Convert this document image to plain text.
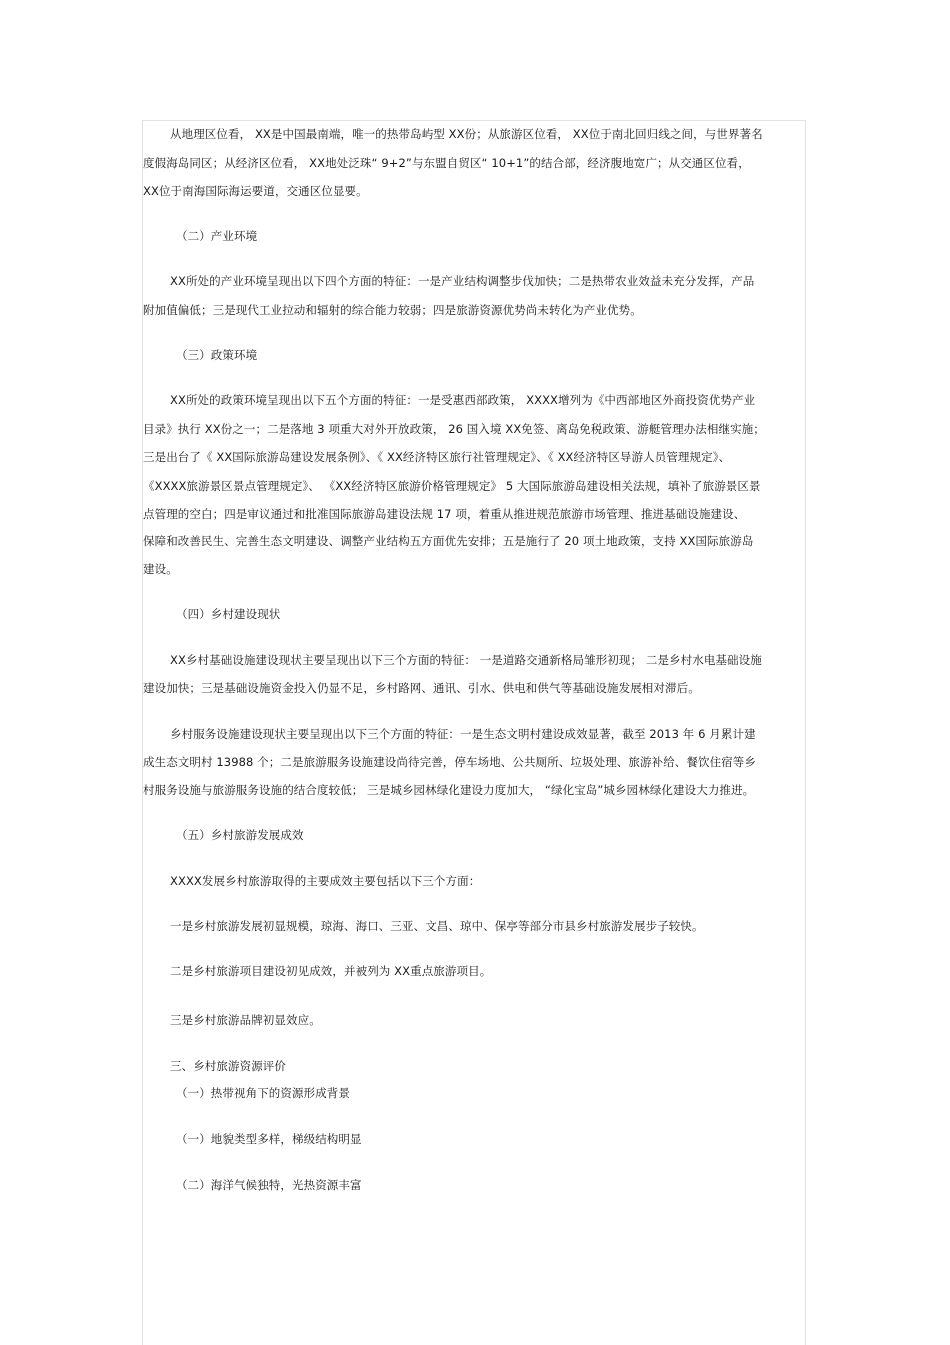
从地理区位看， XX是中国最南端，唯一的热带岛屿型 XX份；从旅游区位看， XX位于南北回归线之间，与世界著名
度假海岛同区；从经济区位看， XX地处泛珠“ 9+2”与东盟自贸区“ 10+1”的结合部，经济腹地宽广；从交通区位看，
XX位于南海国际海运要道，交通区位显要。
（二）产业环境
XX所处的产业环境呈现出以下四个方面的特征：一是产业结构调整步伐加快；二是热带农业效益未充分发挥，产品
附加值偏低；三是现代工业拉动和辐射的综合能力较弱；四是旅游资源优势尚未转化为产业优势。
（三）政策环境
XX所处的政策环境呈现出以下五个方面的特征：一是受惠西部政策， XXXX增列为《中西部地区外商投资优势产业
目录》执行 XX份之一；二是落地 3 项重大对外开放政策， 26 国入境 XX免签、离岛免税政策、游艇管理办法相继实施；
三是出台了《 XX国际旅游岛建设发展条例》、《 XX经济特区旅行社管理规定》、《 XX经济特区导游人员管理规定》、
《XXXX旅游景区景点管理规定》、 《XX经济特区旅游价格管理规定》 5 大国际旅游岛建设相关法规，填补了旅游景区景
点管理的空白；四是审议通过和批准国际旅游岛建设法规 17 项，着重从推进规范旅游市场管理、推进基础设施建设、
保障和改善民生、完善生态文明建设、调整产业结构五方面优先安排；五是施行了 20 项土地政策，支持 XX国际旅游岛
建设。
（四）乡村建设现状
XX乡村基础设施建设现状主要呈现出以下三个方面的特征： 一是道路交通新格局雏形初现； 二是乡村水电基础设施
建设加快；三是基础设施资金投入仍显不足，乡村路网、通讯、引水、供电和供气等基础设施发展相对滞后。
乡村服务设施建设现状主要呈现出以下三个方面的特征：一是生态文明村建设成效显著，截至 2013 年 6 月累计建
成生态文明村 13988 个；二是旅游服务设施建设尚待完善，停车场地、公共厕所、垃圾处理、旅游补给、餐饮住宿等乡
村服务设施与旅游服务设施的结合度较低； 三是城乡园林绿化建设力度加大， “绿化宝岛”城乡园林绿化建设大力推进。
（五）乡村旅游发展成效
XXXX发展乡村旅游取得的主要成效主要包括以下三个方面：
一是乡村旅游发展初显规模，琼海、海口、三亚、文昌、琼中、保亭等部分市县乡村旅游发展步子较快。
二是乡村旅游项目建设初见成效，并被列为 XX重点旅游项目。
三是乡村旅游品牌初显效应。
三、乡村旅游资源评价
（一）热带视角下的资源形成背景
（一）地貌类型多样，梯级结构明显
（二）海洋气候独特，光热资源丰富
